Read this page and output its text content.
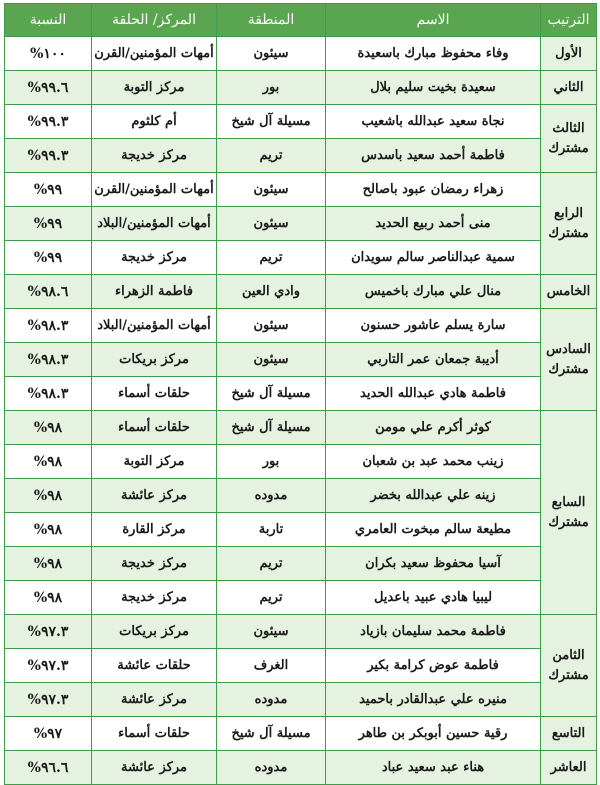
الترتيب	الاسم	المنطقة	المركز/ الحلقة	النسبة
الأول	وفاء محفوظ مبارك باسعيدة	سيئون	أمهات المؤمنين/القرن	١٠٠%
الثاني	سعيدة بخيت سليم بلال	بور	مركز التوبة	٩٩.٦%
الثالث مشترك	نجاة سعيد عبدالله باشعيب	مسيلة آل شيخ	أم كلثوم	٩٩.٣%
	فاطمة أحمد سعيد باسدس	تريم	مركز خديجة	٩٩.٣%
الرابع مشترك	زهراء رمضان عبود باصالح	سيئون	أمهات المؤمنين/القرن	٩٩%
	منى أحمد ربيع الحديد	سيئون	أمهات المؤمنين/البلاد	٩٩%
	سمية عبدالناصر سالم سويدان	تريم	مركز خديجة	٩٩%
الخامس	منال علي مبارك باخميس	وادي العين	فاطمة الزهراء	٩٨.٦%
السادس مشترك	سارة يسلم عاشور حسنون	سيئون	أمهات المؤمنين/البلاد	٩٨.٣%
	أديبة جمعان عمر التاربي	سيئون	مركز بريكات	٩٨.٣%
	فاطمة هادي عبدالله الحديد	مسيلة آل شيخ	حلقات أسماء	٩٨.٣%
السابع مشترك	كوثر أكرم علي مومن	مسيلة آل شيخ	حلقات أسماء	٩٨%
	زينب محمد عبد بن شعبان	بور	مركز التوبة	٩٨%
	زينه علي عبدالله بخضر	مدوده	مركز عائشة	٩٨%
	مطيعة سالم مبخوت العامري	تاربة	مركز القارة	٩٨%
	آسيا محفوظ سعيد بكران	تريم	مركز خديجة	٩٨%
	ليبيا هادي عبيد باعديل	تريم	مركز خديجة	٩٨%
الثامن مشترك	فاطمة محمد سليمان بازياد	سيئون	مركز بريكات	٩٧.٣%
	فاطمة عوض كرامة بكير	الغرف	حلقات عائشة	٩٧.٣%
	منيره علي عبدالقادر باحميد	مدوده	مركز عائشة	٩٧.٣%
التاسع	رقية حسين أبوبكر بن طاهر	مسيلة آل شيخ	حلقات أسماء	٩٧%
العاشر	هناء عبد سعيد عباد	مدوده	مركز عائشة	٩٦.٦%
